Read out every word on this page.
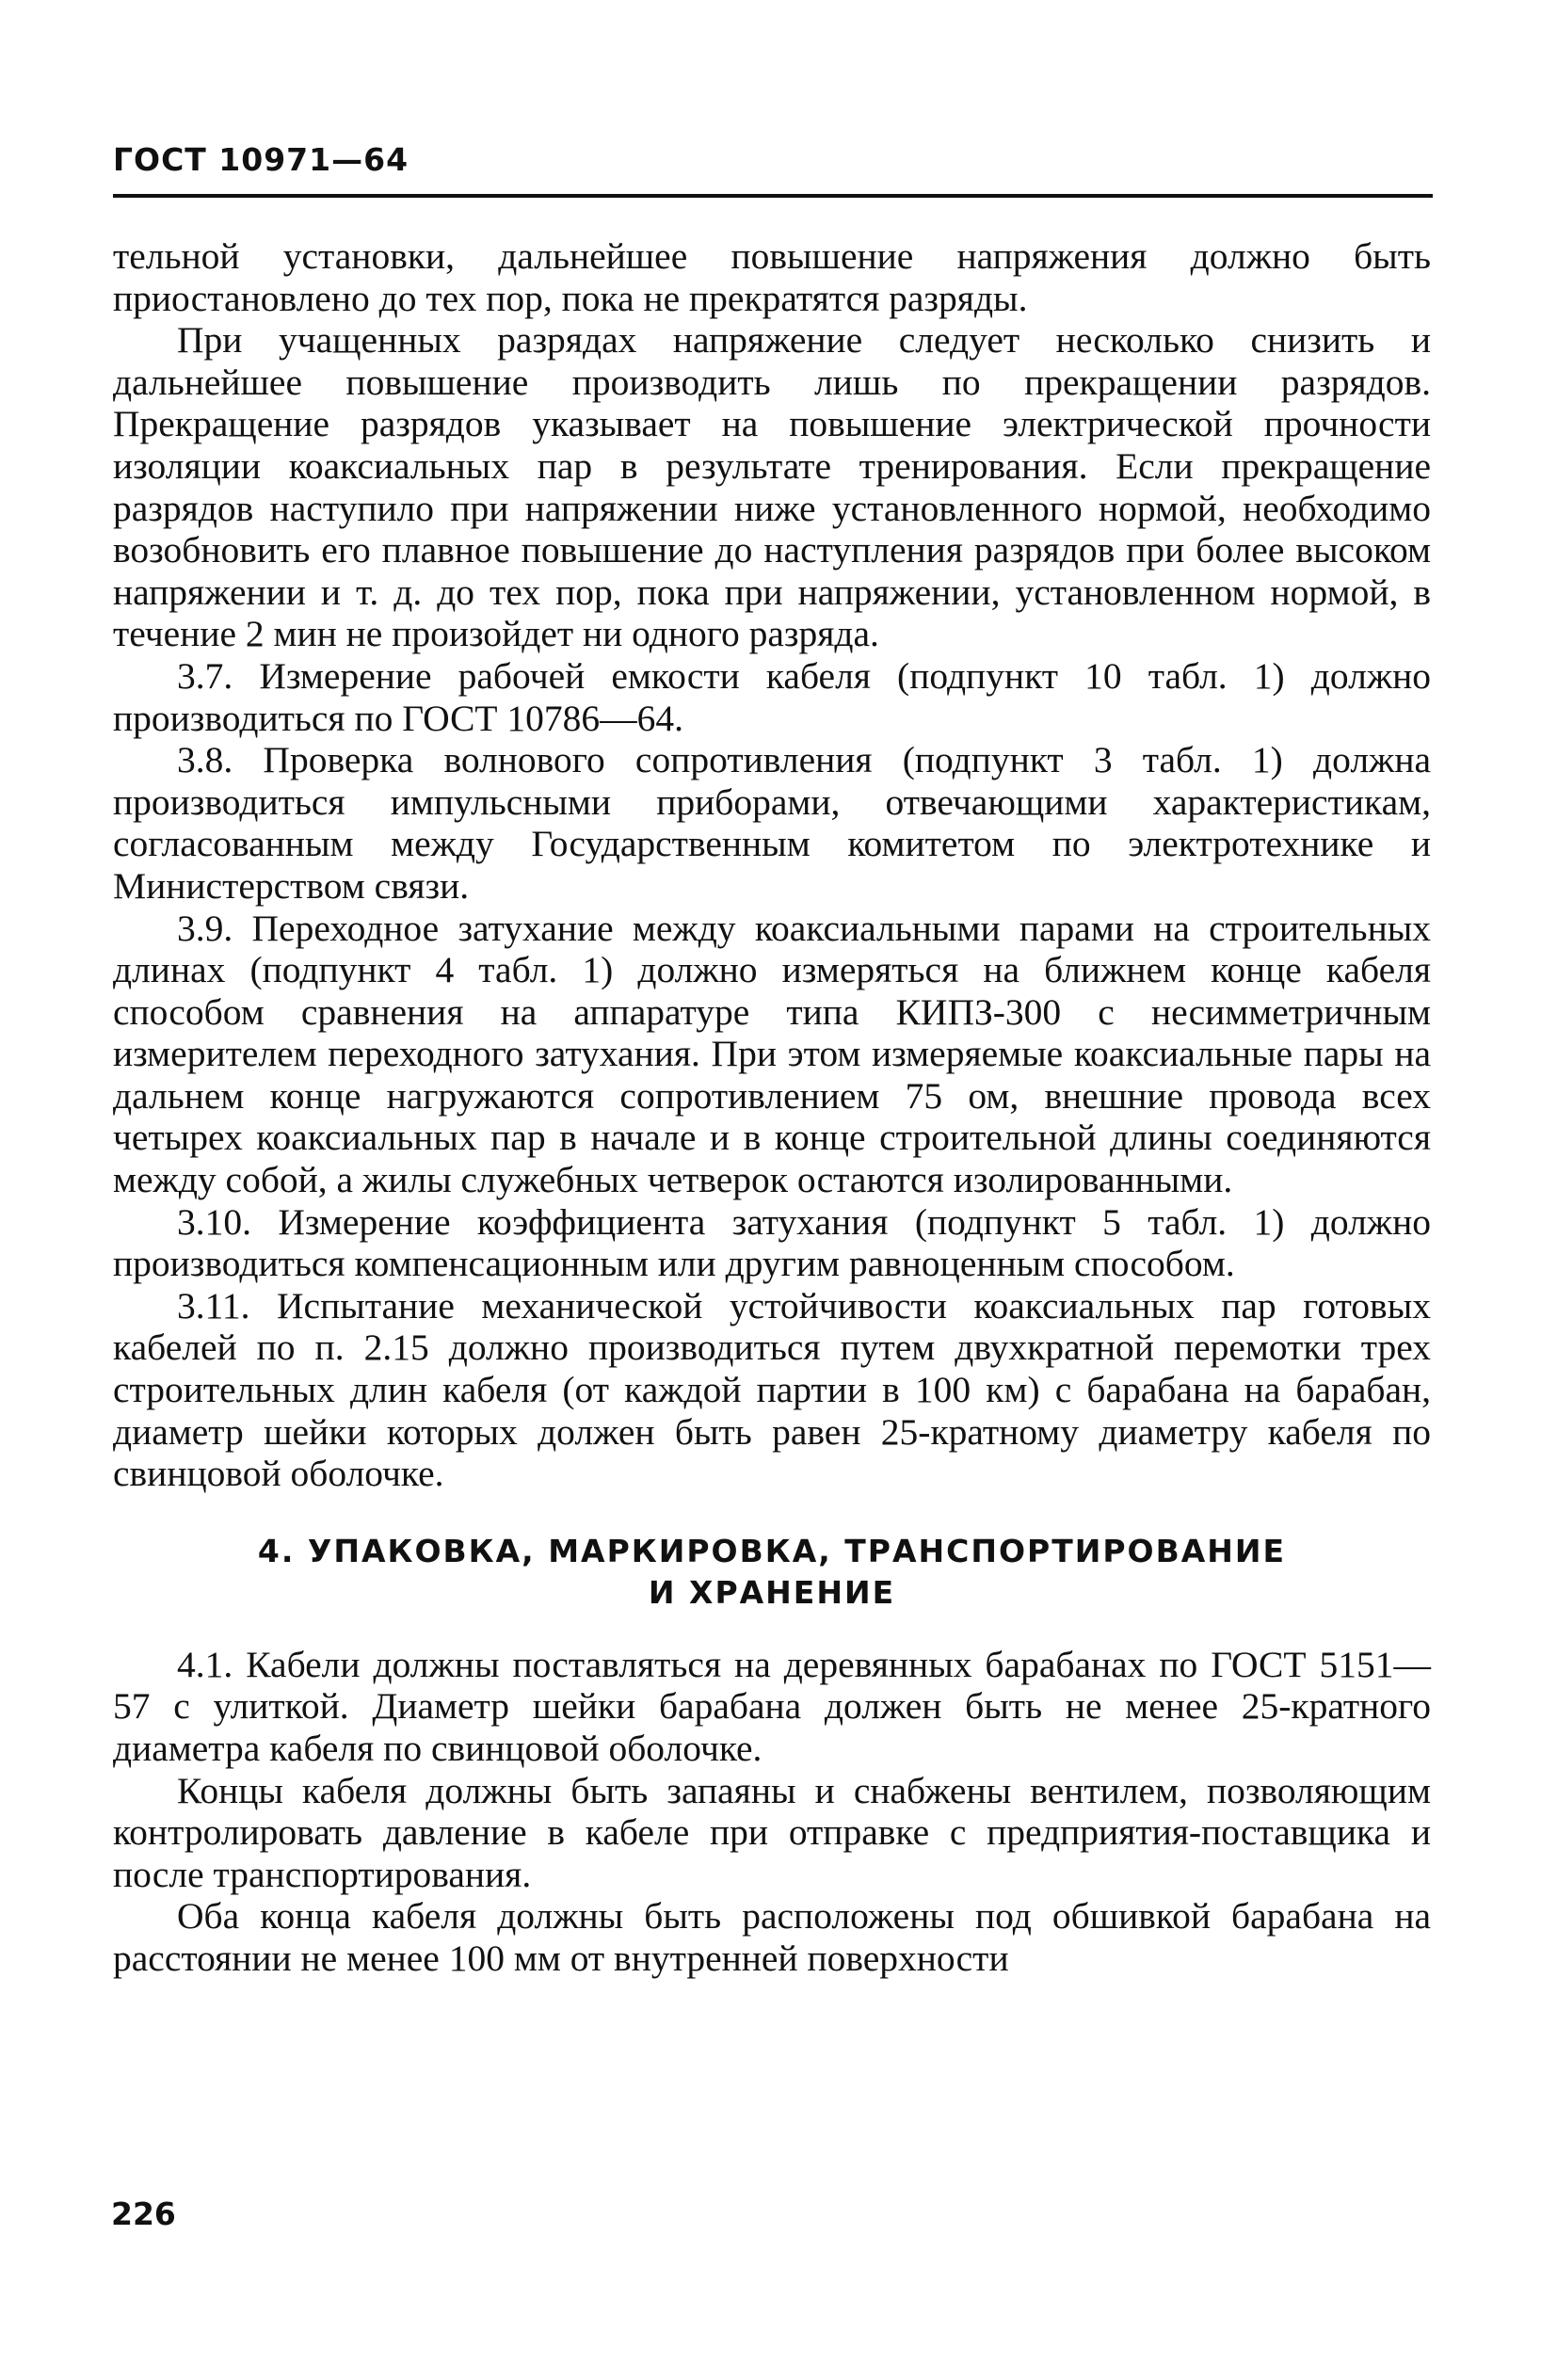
ГОСТ 10971—64

тельной установки, дальнейшее повышение напряжения должно быть приостановлено до тех пор, пока не прекратятся разряды.

При учащенных разрядах напряжение следует несколько снизить и дальнейшее повышение производить лишь по прекращении разрядов. Прекращение разрядов указывает на повышение электрической прочности изоляции коаксиальных пар в результате тренирования. Если прекращение разрядов наступило при напряжении ниже установленного нормой, необходимо возобновить его плавное повышение до наступления разрядов при более высоком напряжении и т. д. до тех пор, пока при напряжении, установленном нормой, в течение 2 мин не произойдет ни одного разряда.

3.7. Измерение рабочей емкости кабеля (подпункт 10 табл. 1) должно производиться по ГОСТ 10786—64.

3.8. Проверка волнового сопротивления (подпункт 3 табл. 1) должна производиться импульсными приборами, отвечающими характеристикам, согласованным между Государственным комитетом по электротехнике и Министерством связи.

3.9. Переходное затухание между коаксиальными парами на строительных длинах (подпункт 4 табл. 1) должно измеряться на ближнем конце кабеля способом сравнения на аппаратуре типа КИПЗ-300 с несимметричным измерителем переходного затухания. При этом измеряемые коаксиальные пары на дальнем конце нагружаются сопротивлением 75 ом, внешние провода всех четырех коаксиальных пар в начале и в конце строительной длины соединяются между собой, а жилы служебных четверок остаются изолированными.

3.10. Измерение коэффициента затухания (подпункт 5 табл. 1) должно производиться компенсационным или другим равноценным способом.

3.11. Испытание механической устойчивости коаксиальных пар готовых кабелей по п. 2.15 должно производиться путем двухкратной перемотки трех строительных длин кабеля (от каждой партии в 100 км) с барабана на барабан, диаметр шейки которых должен быть равен 25-кратному диаметру кабеля по свинцовой оболочке.

4. УПАКОВКА, МАРКИРОВКА, ТРАНСПОРТИРОВАНИЕ
И ХРАНЕНИЕ

4.1. Кабели должны поставляться на деревянных барабанах по ГОСТ 5151—57 с улиткой. Диаметр шейки барабана должен быть не менее 25-кратного диаметра кабеля по свинцовой оболочке.

Концы кабеля должны быть запаяны и снабжены вентилем, позволяющим контролировать давление в кабеле при отправке с предприятия-поставщика и после транспортирования.

Оба конца кабеля должны быть расположены под обшивкой барабана на расстоянии не менее 100 мм от внутренней поверхности

226
